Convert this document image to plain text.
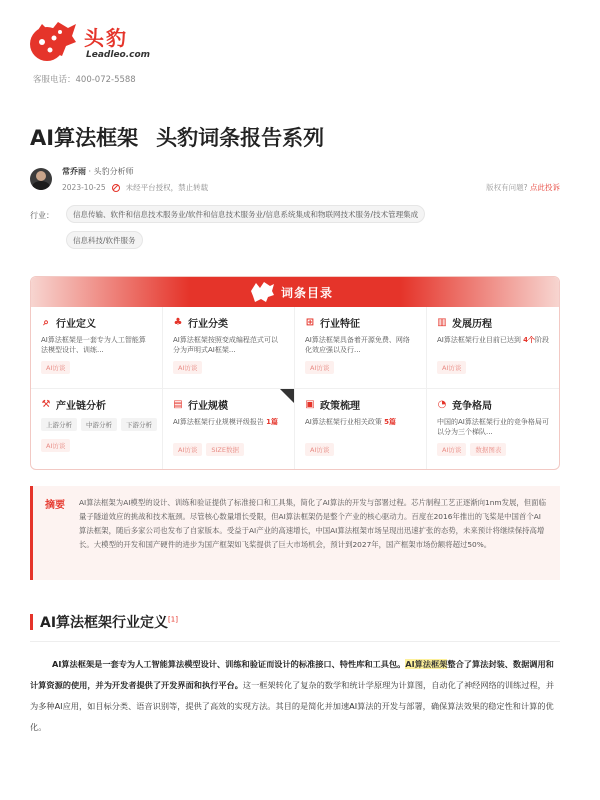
头豹
Leadleo.com
客服电话：400-072-5588
AI算法框架 头豹词条报告系列
常乔雨 · 头豹分析师
2023-10-25	未经平台授权，禁止转载	版权有问题? 点此投诉
行业：	信息传输、软件和信息技术服务业/软件和信息技术服务业/信息系统集成和物联网技术服务/技术管理集成
信息科技/软件服务
词条目录
⌕ 行业定义
AI算法框架是一套专为人工智能算法模型设计、训练...
AI访谈
♣ 行业分类
AI算法框架按照变成编程范式可以分为声明式AI框架...
AI访谈
⊞ 行业特征
AI算法框架具备着开源免费、网络化效应强以及行...
AI访谈
▥ 发展历程
AI算法框架行业目前已达到 4个阶段
AI访谈
⚒ 产业链分析
上游分析	中游分析	下游分析
AI访谈
▤ 行业规模
AI算法框架行业规模评级报告 1篇
AI访谈	SIZE数据
▣ 政策梳理
AI算法框架行业相关政策 5篇
AI访谈
◔ 竞争格局
中国的AI算法框架行业的竞争格局可以分为三个梯队...
AI访谈	数据图表
摘要 AI算法框架为AI模型的设计、训练和验证提供了标准接口和工具集，简化了AI算法的开发与部署过程。芯片制程工艺正逐渐向1nm发展，但面临量子隧道效应的挑战和技术瓶颈。尽管核心数量增长受限，但AI算法框架仍是整个产业的核心驱动力。百度在2016年推出的飞桨是中国首个AI算法框架，随后多家公司也发布了自家版本。受益于AI产业的高速增长，中国AI算法框架市场呈现出迅速扩张的态势，未来预计将继续保持高增长。大模型的开发和国产硬件的进步为国产框架如飞桨提供了巨大市场机会，预计到2027年，国产框架市场份额将超过50%。
AI算法框架行业定义[1]
AI算法框架是一套专为人工智能算法模型设计、训练和验证而设计的标准接口、特性库和工具包。AI算法框架整合了算法封装、数据调用和计算资源的使用，并为开发者提供了开发界面和执行平台。这一框架转化了复杂的数学和统计学原理为计算图，自动化了神经网络的训练过程，并为多种AI应用，如目标分类、语音识别等，提供了高效的实现方法。其目的是简化并加速AI算法的开发与部署，确保算法效果的稳定性和计算的优化。
